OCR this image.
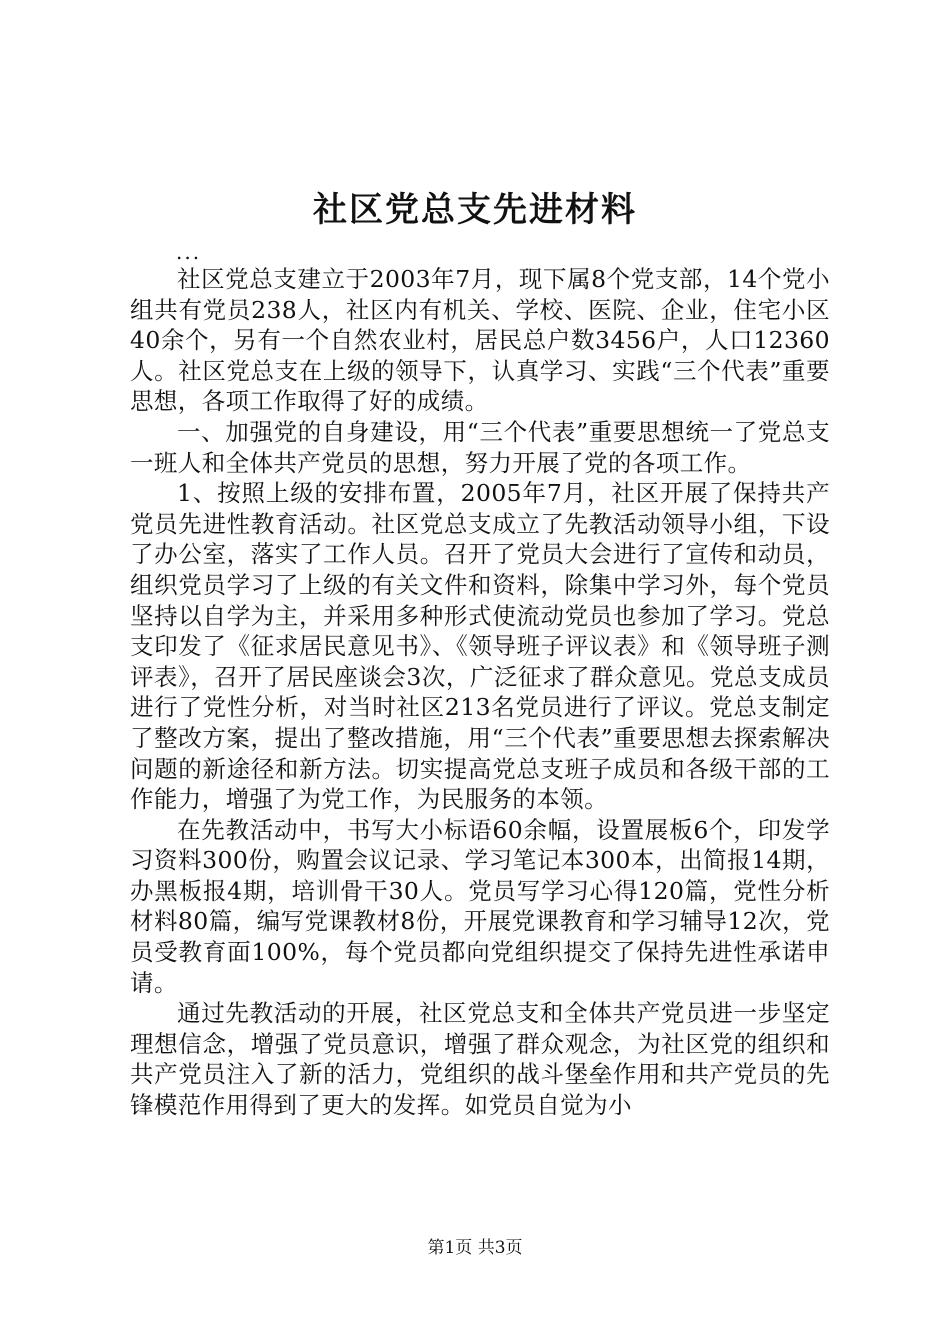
社区党总支先进材料
...

社区党总支建立于2003年7月，现下属8个党支部，14个党小组共有党员238人，社区内有机关、学校、医院、企业，住宅小区40余个，另有一个自然农业村，居民总户数3456户，人口12360人。社区党总支在上级的领导下，认真学习、实践“三个代表”重要思想，各项工作取得了好的成绩。

一、加强党的自身建设，用“三个代表”重要思想统一了党总支一班人和全体共产党员的思想，努力开展了党的各项工作。

1、按照上级的安排布置，2005年7月，社区开展了保持共产党员先进性教育活动。社区党总支成立了先教活动领导小组，下设了办公室，落实了工作人员。召开了党员大会进行了宣传和动员，组织党员学习了上级的有关文件和资料，除集中学习外，每个党员坚持以自学为主，并采用多种形式使流动党员也参加了学习。党总支印发了《征求居民意见书》、《领导班子评议表》和《领导班子测评表》，召开了居民座谈会3次，广泛征求了群众意见。党总支成员进行了党性分析，对当时社区213名党员进行了评议。党总支制定了整改方案，提出了整改措施，用“三个代表”重要思想去探索解决问题的新途径和新方法。切实提高党总支班子成员和各级干部的工作能力，增强了为党工作，为民服务的本领。

在先教活动中，书写大小标语60余幅，设置展板6个，印发学习资料300份，购置会议记录、学习笔记本300本，出简报14期，办黑板报4期，培训骨干30人。党员写学习心得120篇，党性分析材料80篇，编写党课教材8份，开展党课教育和学习辅导12次，党员受教育面100%，每个党员都向党组织提交了保持先进性承诺申请。

通过先教活动的开展，社区党总支和全体共产党员进一步坚定理想信念，增强了党员意识，增强了群众观念，为社区党的组织和共产党员注入了新的活力，党组织的战斗堡垒作用和共产党员的先锋模范作用得到了更大的发挥。如党员自觉为小

第1页 共3页
